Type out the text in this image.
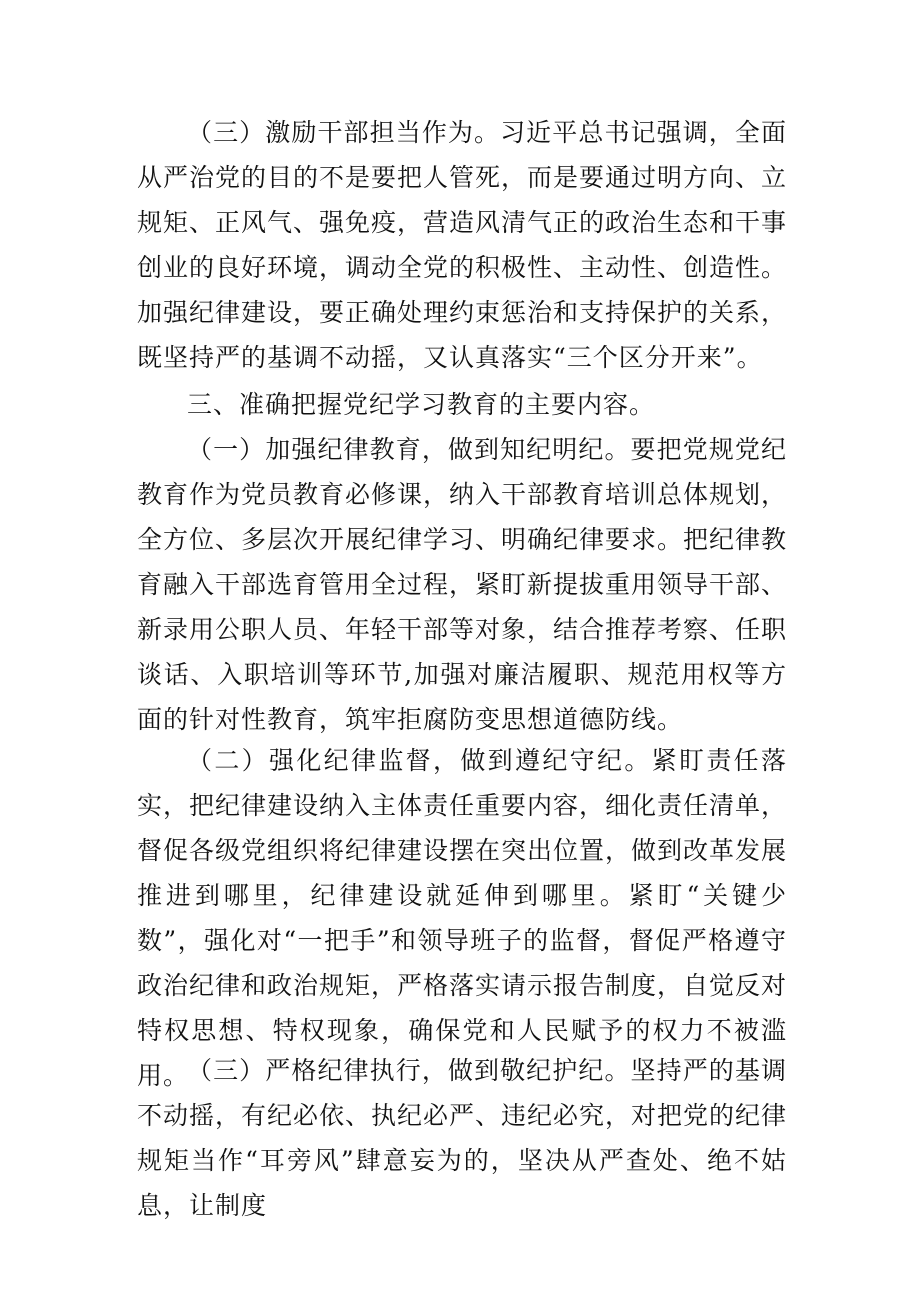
（三）激励干部担当作为。习近平总书记强调，全面从严治党的目的不是要把人管死，而是要通过明方向、立规矩、正风气、强免疫，营造风清气正的政治生态和干事创业的良好环境，调动全党的积极性、主动性、创造性。加强纪律建设，要正确处理约束惩治和支持保护的关系，既坚持严的基调不动摇，又认真落实“三个区分开来”。

三、准确把握党纪学习教育的主要内容。

（一）加强纪律教育，做到知纪明纪。要把党规党纪教育作为党员教育必修课，纳入干部教育培训总体规划，全方位、多层次开展纪律学习、明确纪律要求。把纪律教育融入干部选育管用全过程，紧盯新提拔重用领导干部、新录用公职人员、年轻干部等对象，结合推荐考察、任职谈话、入职培训等环节,加强对廉洁履职、规范用权等方面的针对性教育，筑牢拒腐防变思想道德防线。

（二）强化纪律监督，做到遵纪守纪。紧盯责任落实，把纪律建设纳入主体责任重要内容，细化责任清单，督促各级党组织将纪律建设摆在突出位置，做到改革发展推进到哪里，纪律建设就延伸到哪里。紧盯“关键少数”，强化对“一把手”和领导班子的监督，督促严格遵守政治纪律和政治规矩，严格落实请示报告制度，自觉反对特权思想、特权现象，确保党和人民赋予的权力不被滥用。

（三）严格纪律执行，做到敬纪护纪。坚持严的基调不动摇，有纪必依、执纪必严、违纪必究，对把党的纪律规矩当作“耳旁风”肆意妄为的，坚决从严查处、绝不姑息，让制度
